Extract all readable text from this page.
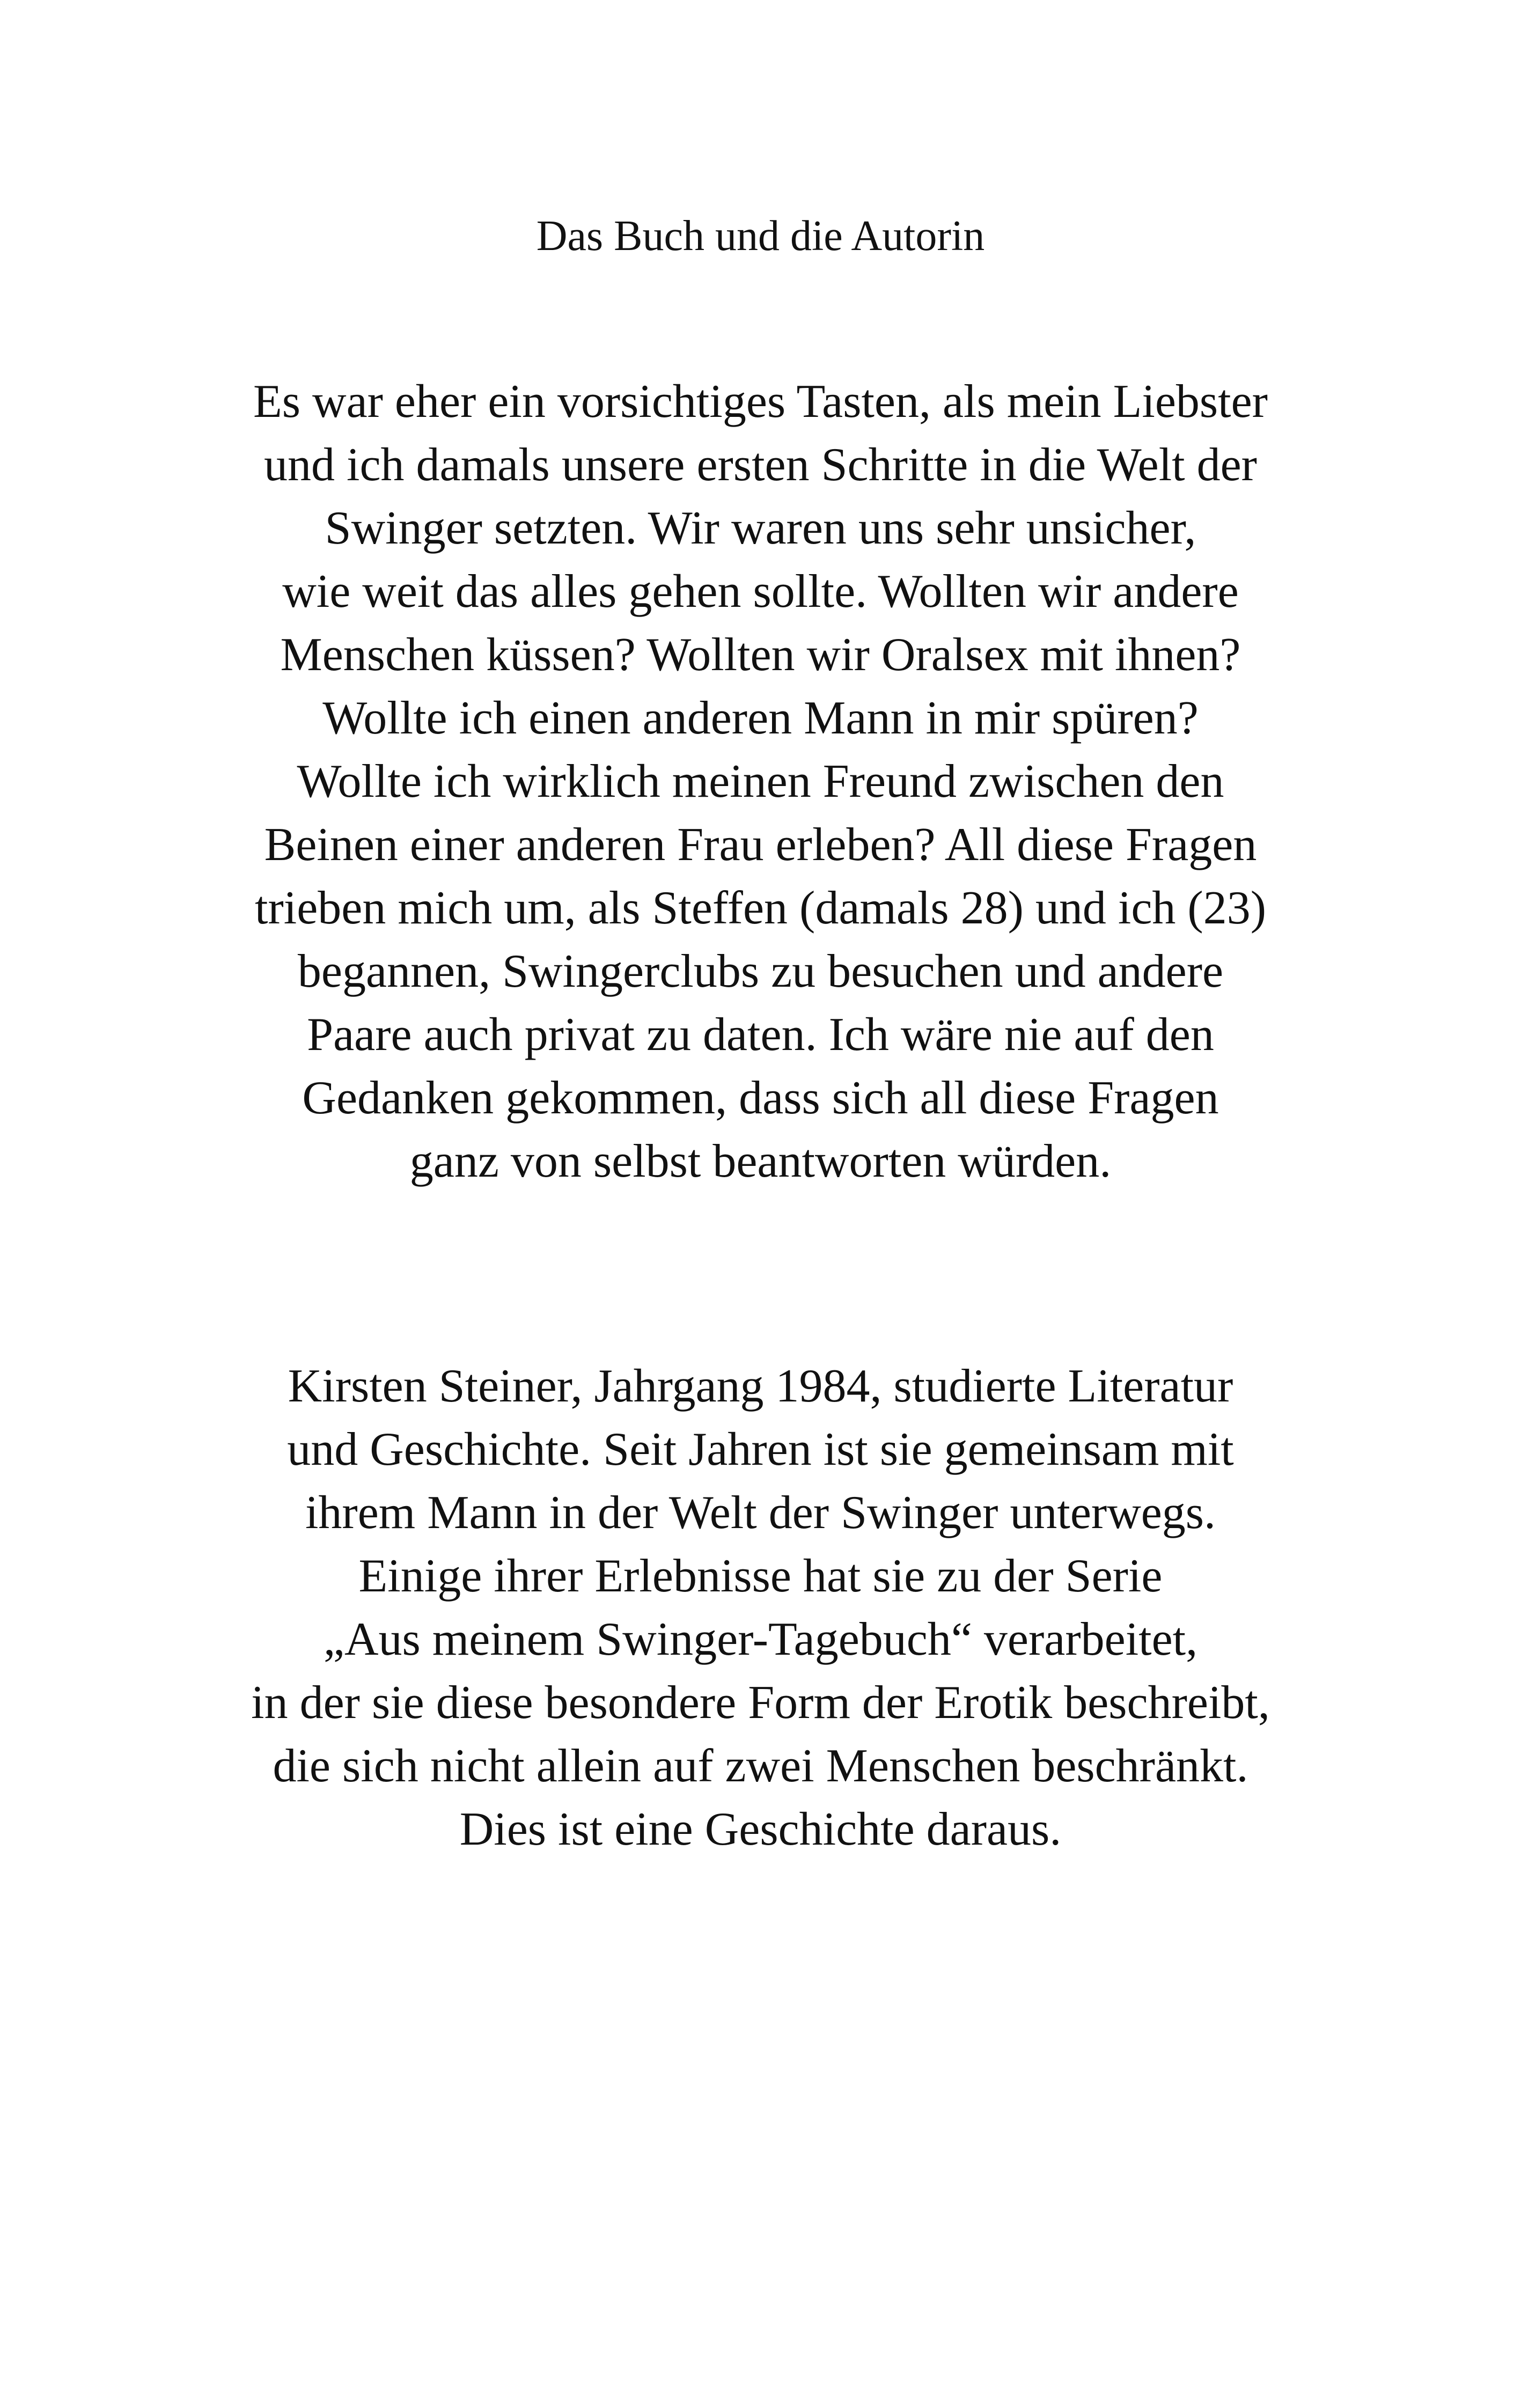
Das Buch und die Autorin
Es war eher ein vorsichtiges Tasten, als mein Liebster
und ich damals unsere ersten Schritte in die Welt der
Swinger setzten. Wir waren uns sehr unsicher,
wie weit das alles gehen sollte. Wollten wir andere
Menschen küssen? Wollten wir Oralsex mit ihnen?
Wollte ich einen anderen Mann in mir spüren?
Wollte ich wirklich meinen Freund zwischen den
Beinen einer anderen Frau erleben? All diese Fragen
trieben mich um, als Steffen (damals 28) und ich (23)
begannen, Swingerclubs zu besuchen und andere
Paare auch privat zu daten. Ich wäre nie auf den
Gedanken gekommen, dass sich all diese Fragen
ganz von selbst beantworten würden.
Kirsten Steiner, Jahrgang 1984, studierte Literatur
und Geschichte. Seit Jahren ist sie gemeinsam mit
ihrem Mann in der Welt der Swinger unterwegs.
Einige ihrer Erlebnisse hat sie zu der Serie
„Aus meinem Swinger-Tagebuch“ verarbeitet,
in der sie diese besondere Form der Erotik beschreibt,
die sich nicht allein auf zwei Menschen beschränkt.
Dies ist eine Geschichte daraus.
